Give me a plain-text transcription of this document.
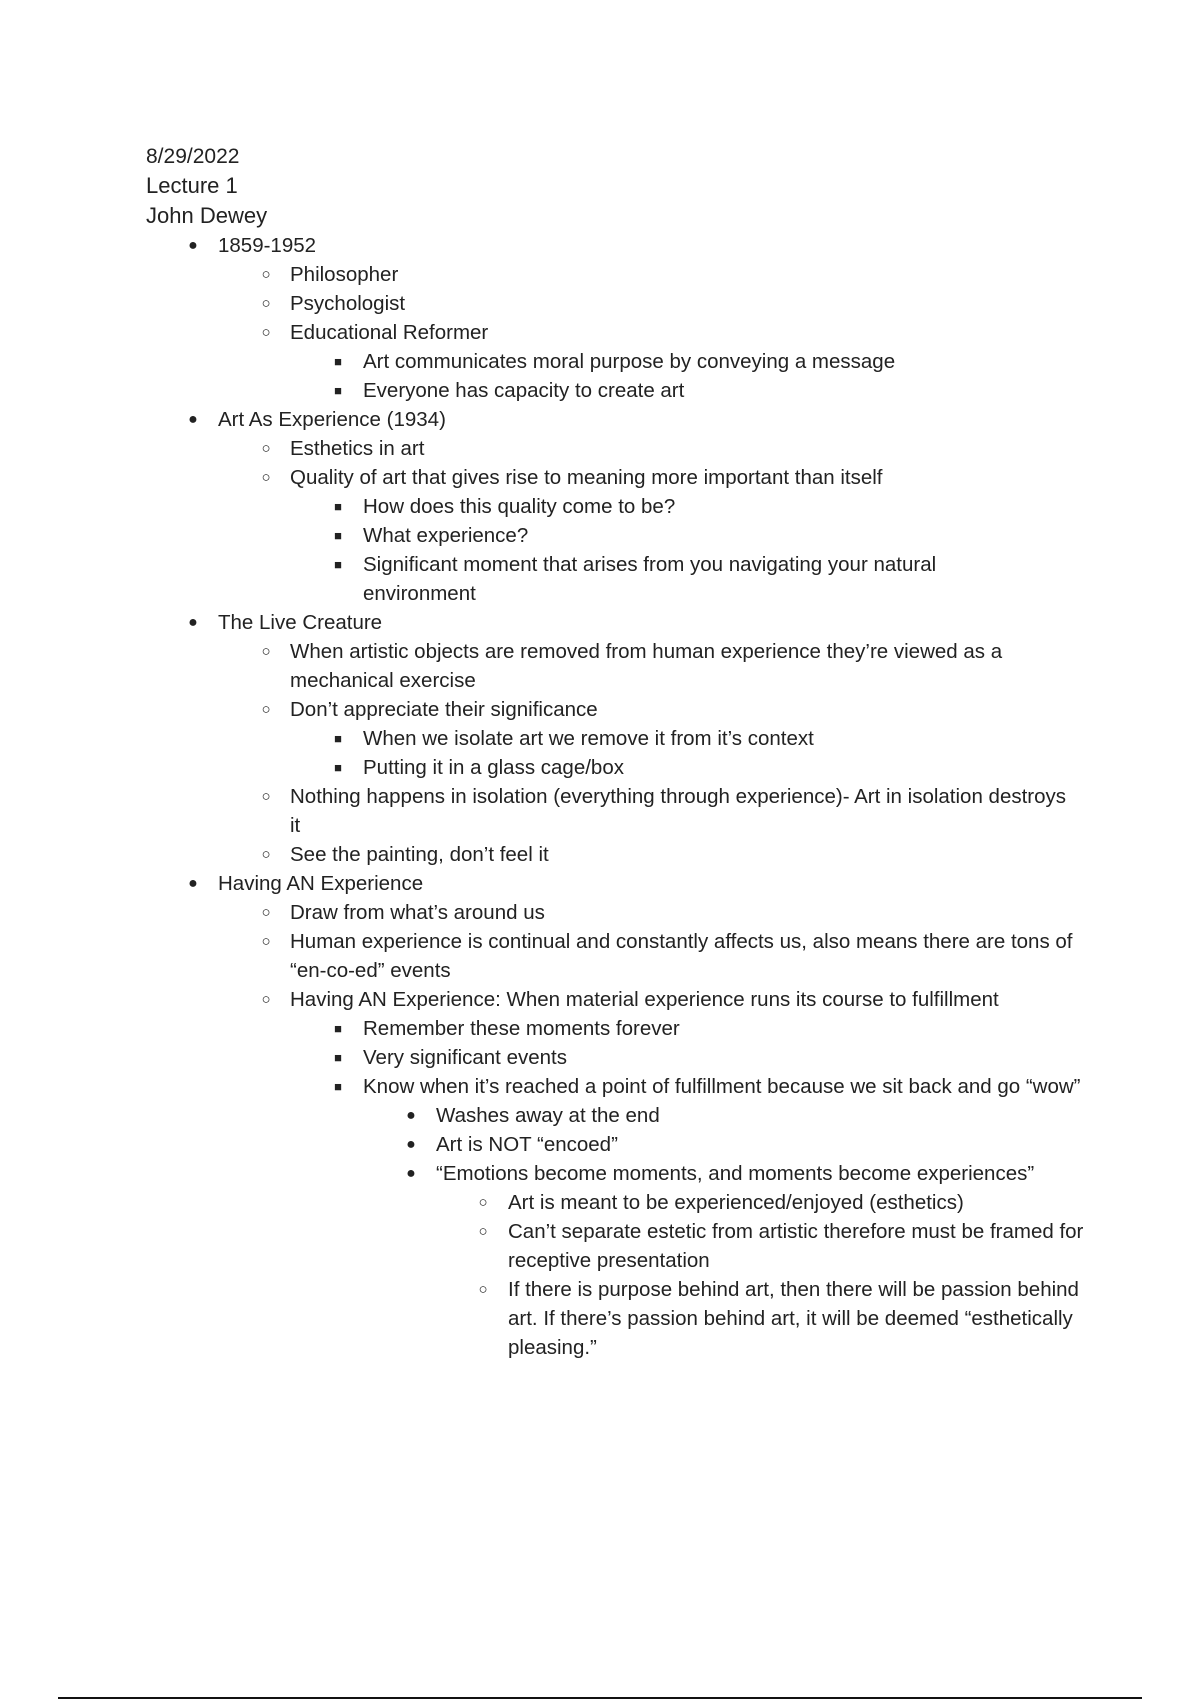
8/29/2022
Lecture 1
John Dewey
● 1859-1952
○ Philosopher
○ Psychologist
○ Educational Reformer
■ Art communicates moral purpose by conveying a message
■ Everyone has capacity to create art
● Art As Experience (1934)
○ Esthetics in art
○ Quality of art that gives rise to meaning more important than itself
■ How does this quality come to be?
■ What experience?
■ Significant moment that arises from you navigating your natural environment
● The Live Creature
○ When artistic objects are removed from human experience they’re viewed as a mechanical exercise
○ Don’t appreciate their significance
■ When we isolate art we remove it from it’s context
■ Putting it in a glass cage/box
○ Nothing happens in isolation (everything through experience)- Art in isolation destroys it
○ See the painting, don’t feel it
● Having AN Experience
○ Draw from what’s around us
○ Human experience is continual and constantly affects us, also means there are tons of “en-co-ed” events
○ Having AN Experience: When material experience runs its course to fulfillment
■ Remember these moments forever
■ Very significant events
■ Know when it’s reached a point of fulfillment because we sit back and go “wow”
● Washes away at the end
● Art is NOT “encoed”
● “Emotions become moments, and moments become experiences”
○ Art is meant to be experienced/enjoyed (esthetics)
○ Can’t separate estetic from artistic therefore must be framed for receptive presentation
○ If there is purpose behind art, then there will be passion behind art. If there’s passion behind art, it will be deemed “esthetically pleasing.”
